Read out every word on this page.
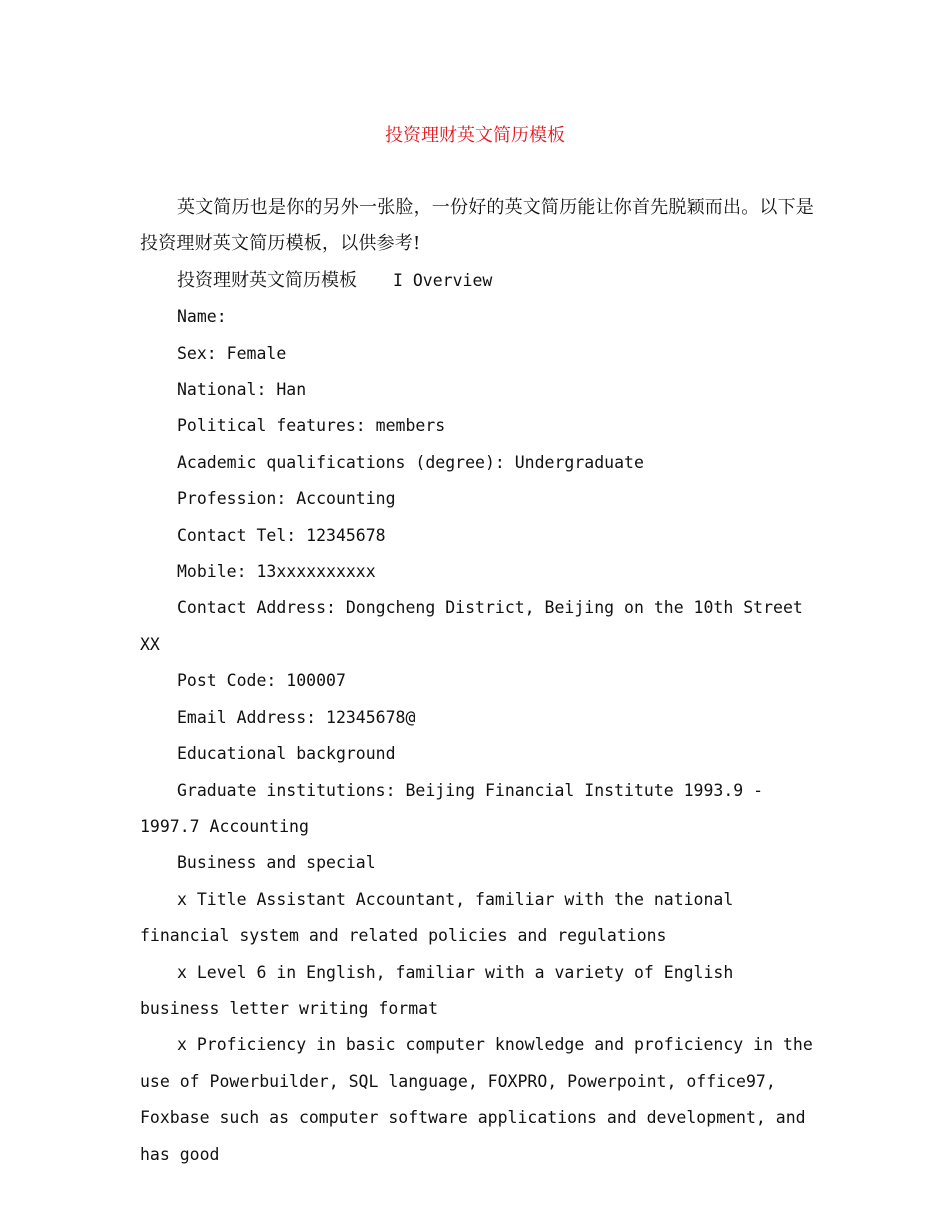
投资理财英文简历模板

英文简历也是你的另外一张脸，一份好的英文简历能让你首先脱颖而出。以下是投资理财英文简历模板，以供参考!

投资理财英文简历模板 I Overview

Name:

Sex: Female

National: Han

Political features: members

Academic qualifications (degree): Undergraduate

Profession: Accounting

Contact Tel: 12345678

Mobile: 13xxxxxxxxxx

Contact Address: Dongcheng District, Beijing on the 10th Street XX

Post Code: 100007

Email Address: 12345678@

Educational background

Graduate institutions: Beijing Financial Institute 1993.9 - 1997.7 Accounting

Business and special

x Title Assistant Accountant, familiar with the national financial system and related policies and regulations

x Level 6 in English, familiar with a variety of English business letter writing format

x Proficiency in basic computer knowledge and proficiency in the use of Powerbuilder, SQL language, FOXPRO, Powerpoint, office97, Foxbase such as computer software applications and development, and has good
